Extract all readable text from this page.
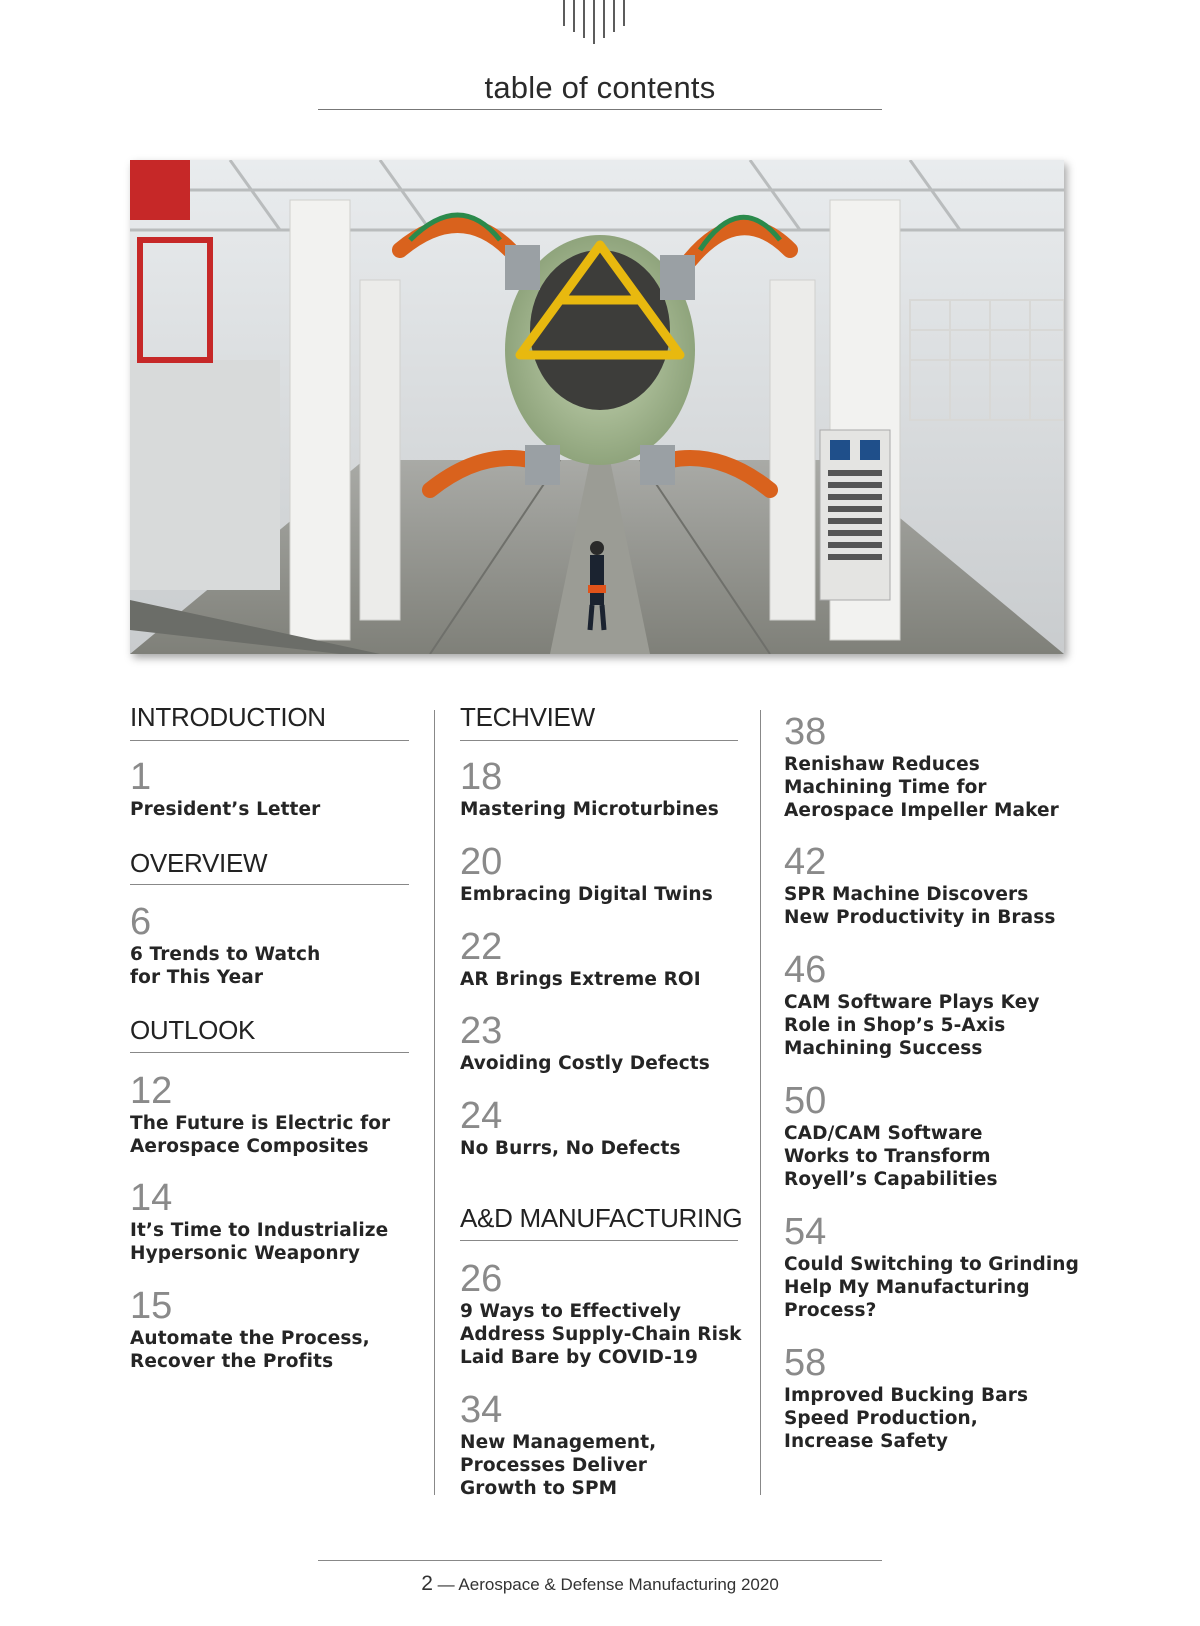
table of contents
INTRODUCTION
1
President’s Letter
OVERVIEW
6
6 Trends to Watch
for This Year
OUTLOOK
12
The Future is Electric for
Aerospace Composites
14
It’s Time to Industrialize
Hypersonic Weaponry
15
Automate the Process,
Recover the Profits
TECHVIEW
18
Mastering Microturbines
20
Embracing Digital Twins
22
AR Brings Extreme ROI
23
Avoiding Costly Defects
24
No Burrs, No Defects
A&D MANUFACTURING
26
9 Ways to Effectively
Address Supply-Chain Risk
Laid Bare by COVID-19
34
New Management,
Processes Deliver
Growth to SPM
38
Renishaw Reduces
Machining Time for
Aerospace Impeller Maker
42
SPR Machine Discovers
New Productivity in Brass
46
CAM Software Plays Key
Role in Shop’s 5-Axis
Machining Success
50
CAD/CAM Software
Works to Transform
Royell’s Capabilities
54
Could Switching to Grinding
Help My Manufacturing
Process?
58
Improved Bucking Bars
Speed Production,
Increase Safety
2 — Aerospace & Defense Manufacturing 2020
